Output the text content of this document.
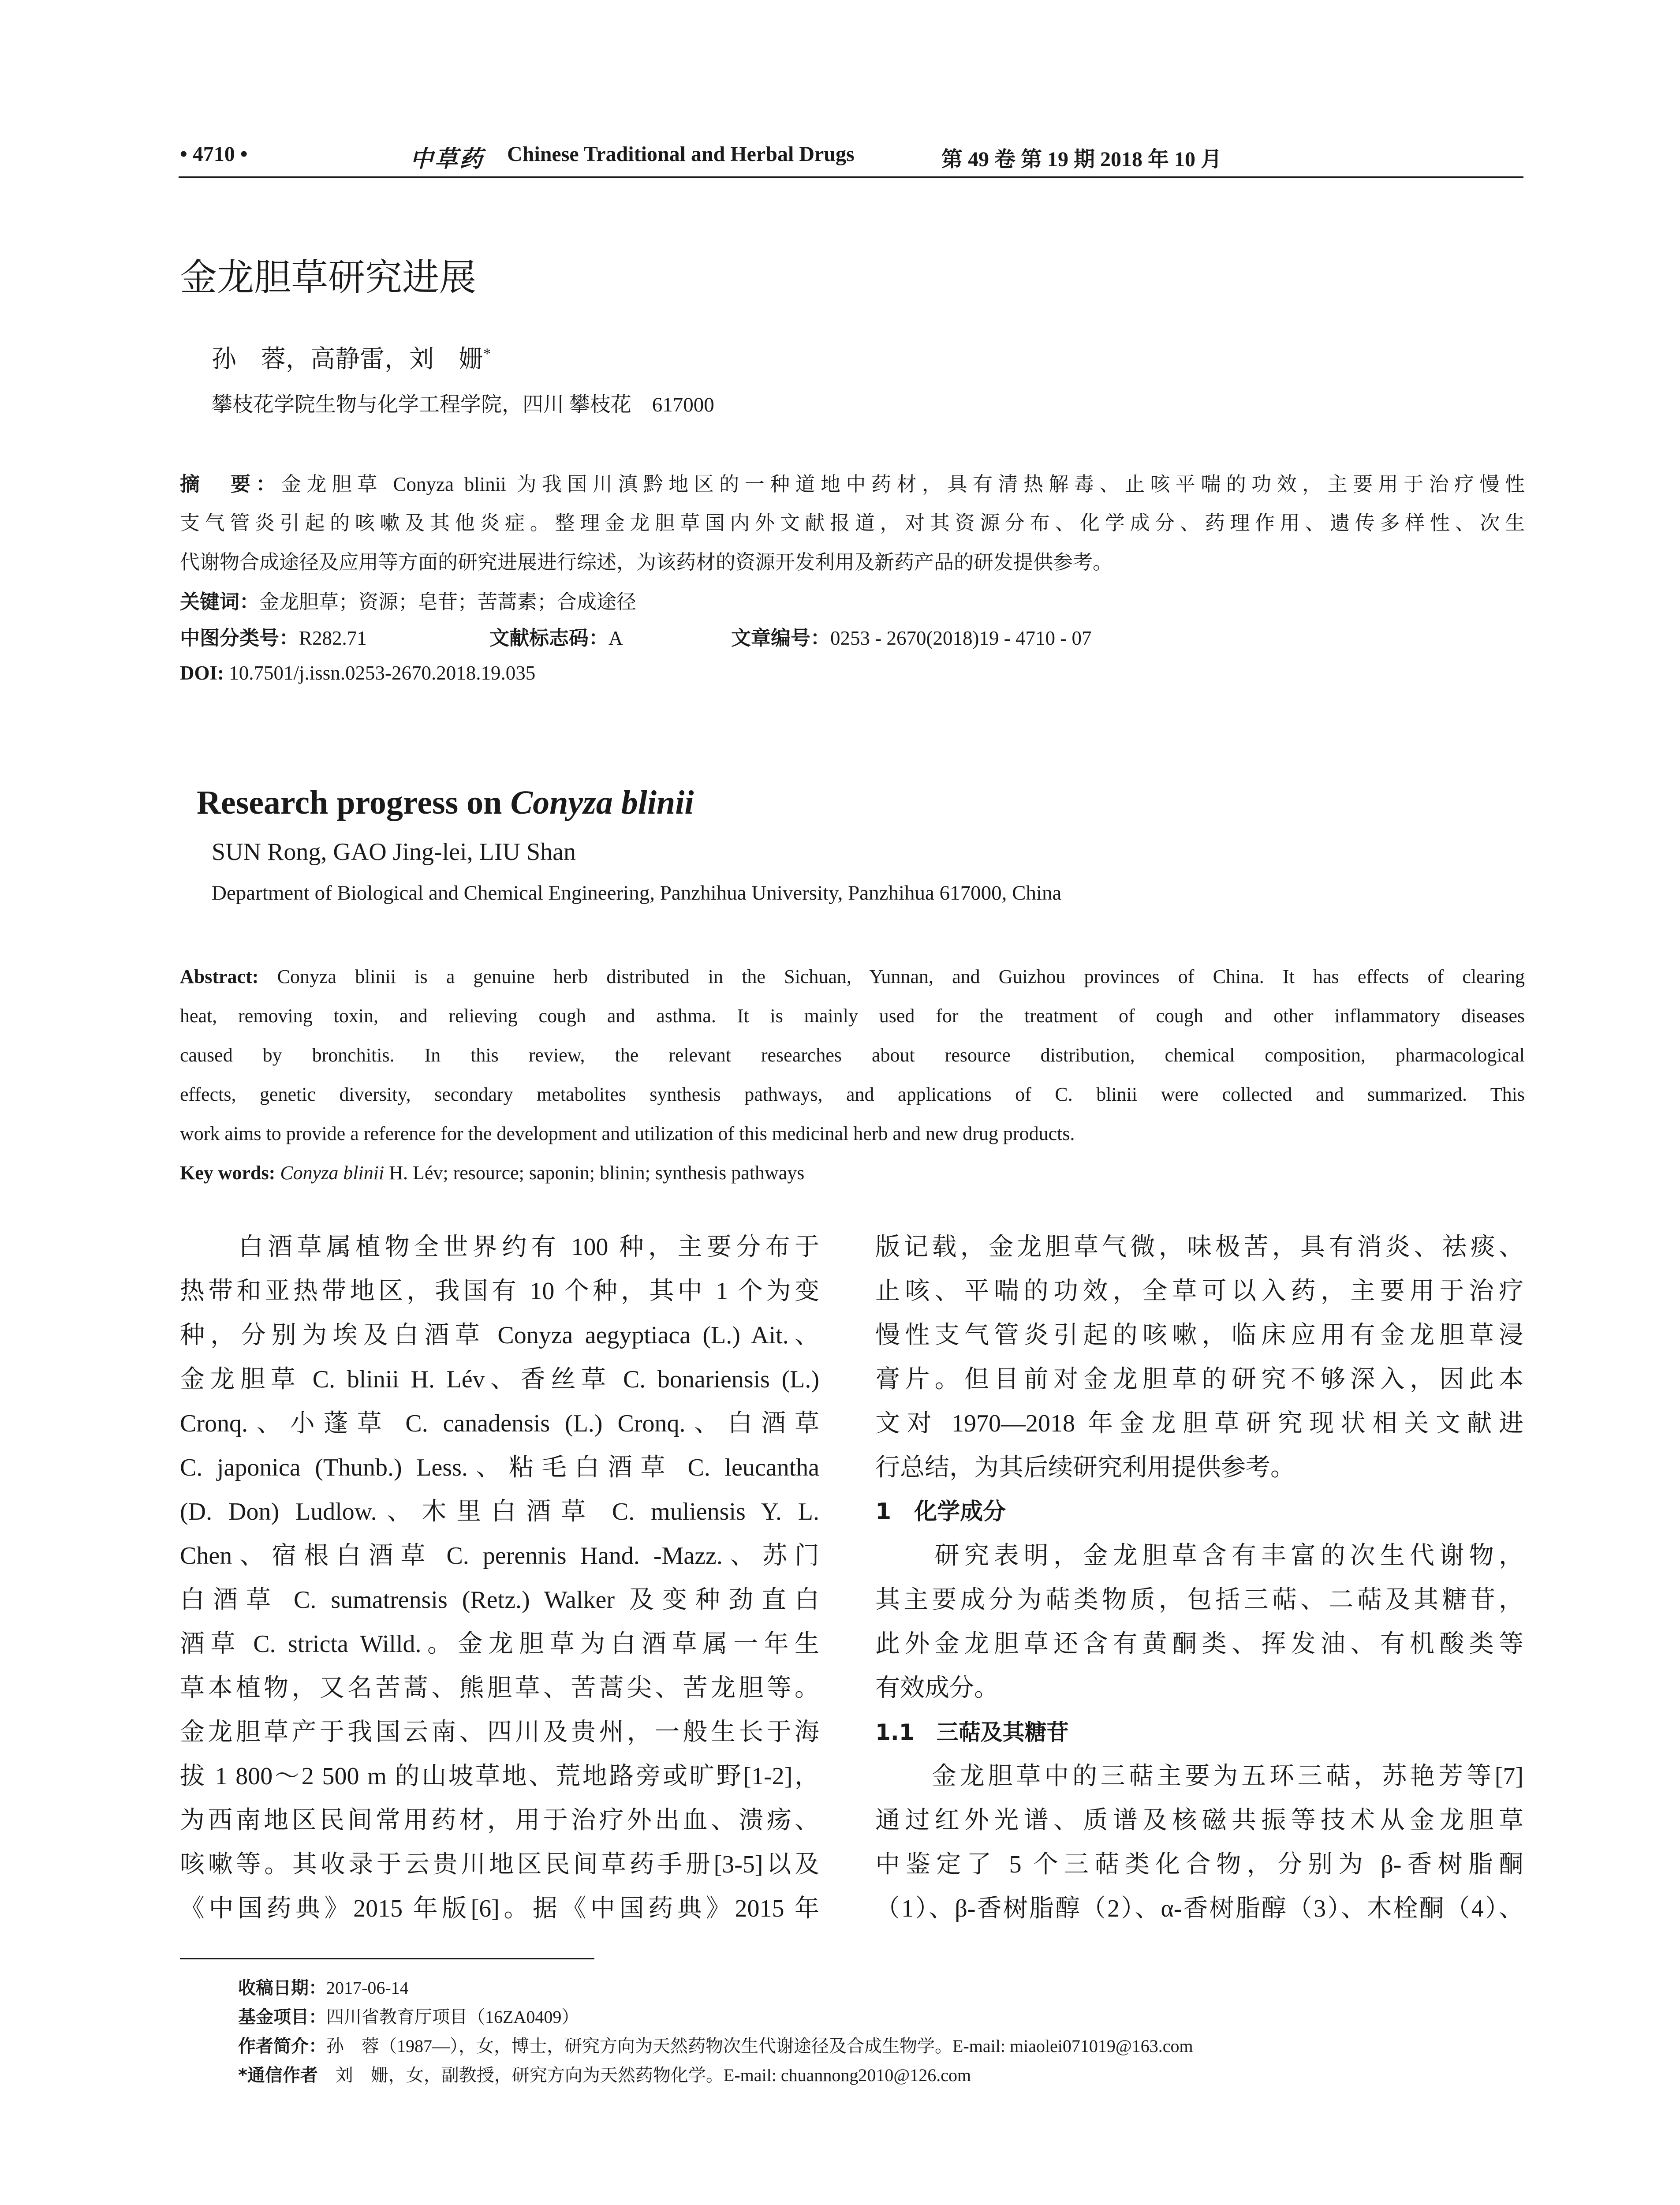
• 4710 •	中草药 Chinese Traditional and Herbal Drugs	第 49 卷 第 19 期 2018 年 10 月
金龙胆草研究进展
孙　蓉，高静雷，刘　姗*
攀枝花学院生物与化学工程学院，四川 攀枝花　617000
摘　要：金龙胆草 Conyza blinii 为我国川滇黔地区的一种道地中药材，具有清热解毒、止咳平喘的功效，主要用于治疗慢性
支气管炎引起的咳嗽及其他炎症。整理金龙胆草国内外文献报道，对其资源分布、化学成分、药理作用、遗传多样性、次生
代谢物合成途径及应用等方面的研究进展进行综述，为该药材的资源开发利用及新药产品的研发提供参考。
关键词：金龙胆草；资源；皂苷；苦蒿素；合成途径
中图分类号：R282.71	文献标志码：A	文章编号：0253 - 2670(2018)19 - 4710 - 07
DOI: 10.7501/j.issn.0253-2670.2018.19.035

Research progress on Conyza blinii

SUN Rong, GAO Jing-lei, LIU Shan
Department of Biological and Chemical Engineering, Panzhihua University, Panzhihua 617000, China
Abstract: Conyza blinii is a genuine herb distributed in the Sichuan, Yunnan, and Guizhou provinces of China. It has effects of clearing
heat, removing toxin, and relieving cough and asthma. It is mainly used for the treatment of cough and other inflammatory diseases
caused by bronchitis. In this review, the relevant researches about resource distribution, chemical composition, pharmacological
effects, genetic diversity, secondary metabolites synthesis pathways, and applications of C. blinii were collected and summarized. This
work aims to provide a reference for the development and utilization of this medicinal herb and new drug products.
Key words: Conyza blinii H. Lév; resource; saponin; blinin; synthesis pathways
　　白酒草属植物全世界约有 100 种，主要分布于
热带和亚热带地区，我国有 10 个种，其中 1 个为变
种，分别为埃及白酒草 Conyza aegyptiaca (L.) Ait.、
金龙胆草 C. blinii H. Lév、香丝草 C. bonariensis (L.)
Cronq.、小蓬草 C. canadensis (L.) Cronq.、白酒草
C. japonica (Thunb.) Less.、粘毛白酒草 C. leucantha
(D. Don) Ludlow.、木里白酒草 C. muliensis Y. L.
Chen、宿根白酒草 C. perennis Hand. -Mazz.、苏门
白酒草 C. sumatrensis (Retz.) Walker 及变种劲直白
酒草 C. stricta Willd.。金龙胆草为白酒草属一年生
草本植物，又名苦蒿、熊胆草、苦蒿尖、苦龙胆等。
金龙胆草产于我国云南、四川及贵州，一般生长于海
拔 1 800～2 500 m 的山坡草地、荒地路旁或旷野[1-2]，
为西南地区民间常用药材，用于治疗外出血、溃疡、
咳嗽等。其收录于云贵川地区民间草药手册[3-5]以及
《中国药典》2015 年版[6]。据《中国药典》2015 年
版记载，金龙胆草气微，味极苦，具有消炎、祛痰、
止咳、平喘的功效，全草可以入药，主要用于治疗
慢性支气管炎引起的咳嗽，临床应用有金龙胆草浸
膏片。但目前对金龙胆草的研究不够深入，因此本
文对 1970—2018 年金龙胆草研究现状相关文献进
行总结，为其后续研究利用提供参考。
1　化学成分
　　研究表明，金龙胆草含有丰富的次生代谢物，
其主要成分为萜类物质，包括三萜、二萜及其糖苷，
此外金龙胆草还含有黄酮类、挥发油、有机酸类等
有效成分。
1.1　三萜及其糖苷
　　金龙胆草中的三萜主要为五环三萜，苏艳芳等[7]
通过红外光谱、质谱及核磁共振等技术从金龙胆草
中鉴定了 5 个三萜类化合物，分别为 β-香树脂酮
（1）、β-香树脂醇（2）、α-香树脂醇（3）、木栓酮（4）、
收稿日期：2017-06-14
基金项目：四川省教育厅项目（16ZA0409）
作者简介：孙　蓉（1987—），女，博士，研究方向为天然药物次生代谢途径及合成生物学。E-mail: miaolei071019@163.com
*通信作者　刘　姗，女，副教授，研究方向为天然药物化学。E-mail: chuannong2010@126.com
